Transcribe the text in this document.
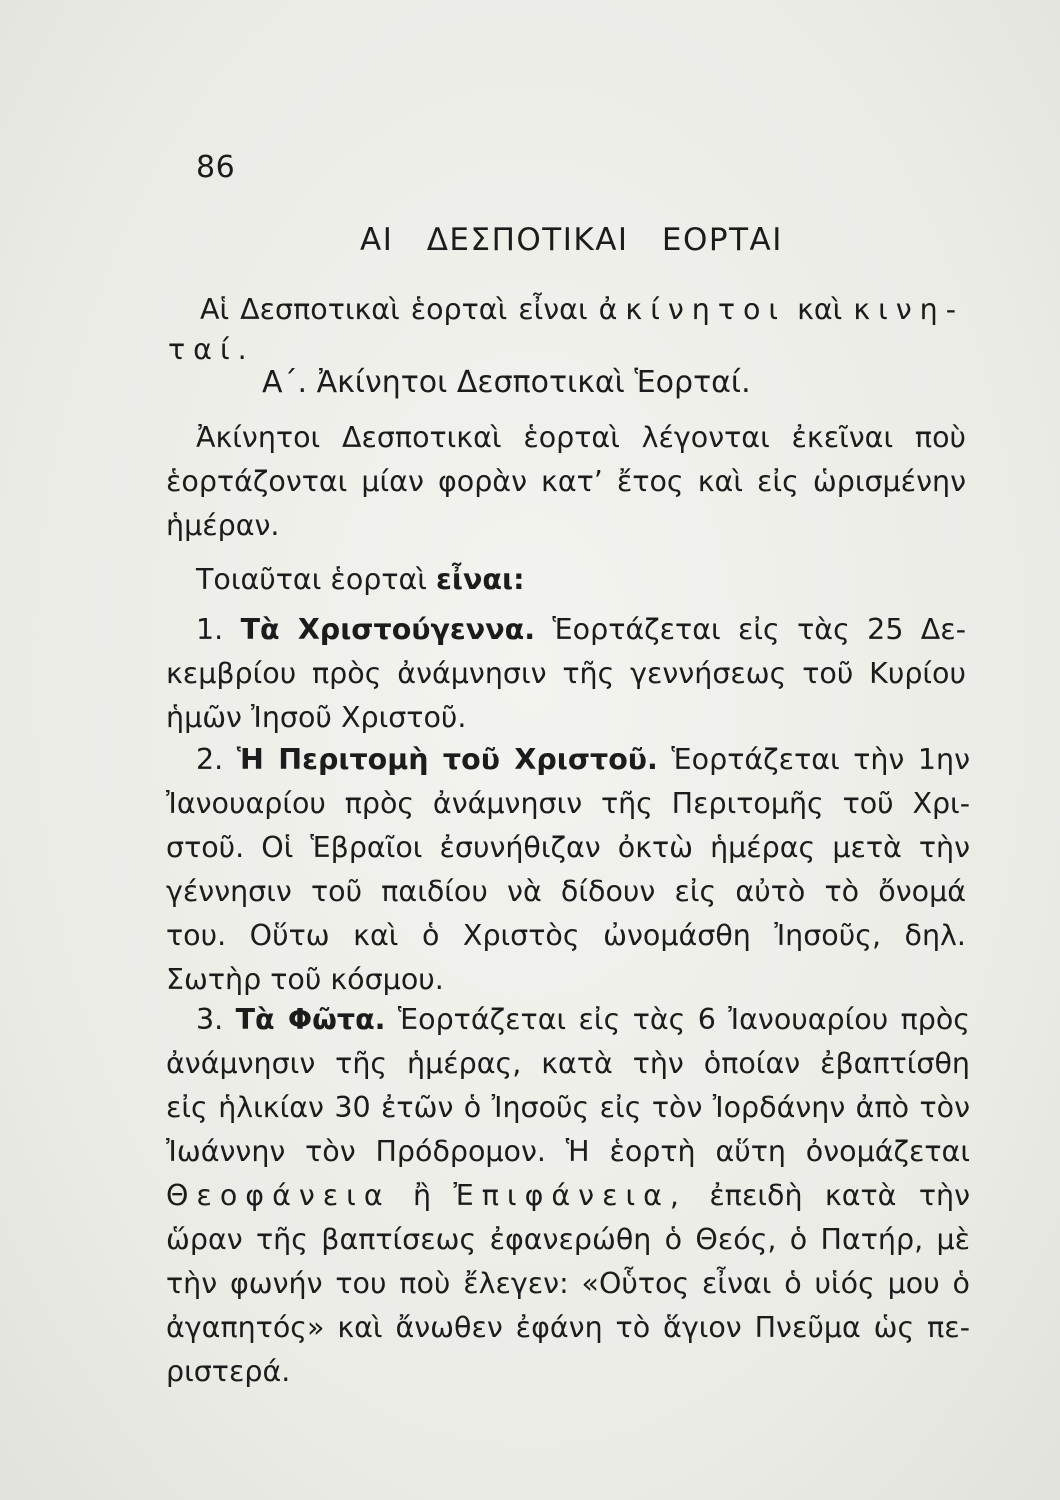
86
ΑΙ ΔΕΣΠΟΤΙΚΑΙ ΕΟΡΤΑΙ
Αἱ Δεσποτικαὶ ἑορταὶ εἶναι ἀκίνητοι καὶ κινη-
ταί.
Α΄. Ἀκίνητοι Δεσποτικαὶ Ἑορταί.
Ἀκίνητοι Δεσποτικαὶ ἑορταὶ λέγονται ἐκεῖναι ποὺ
ἑορτάζονται μίαν φορὰν κατ’ ἔτος καὶ εἰς ὡρισμένην
ἡμέραν.
Τοιαῦται ἑορταὶ εἶναι:
1. Τὰ Χριστούγεννα. Ἑορτάζεται εἰς τὰς 25 Δε-
κεμβρίου πρὸς ἀνάμνησιν τῆς γεννήσεως τοῦ Κυρίου
ἡμῶν Ἰησοῦ Χριστοῦ.
2. Ἡ Περιτομὴ τοῦ Χριστοῦ. Ἑορτάζεται τὴν 1ην
Ἰανουαρίου πρὸς ἀνάμνησιν τῆς Περιτομῆς τοῦ Χρι-
στοῦ. Οἱ Ἑβραῖοι ἐσυνήθιζαν ὀκτὼ ἡμέρας μετὰ τὴν
γέννησιν τοῦ παιδίου νὰ δίδουν εἰς αὐτὸ τὸ ὄνομά
του. Οὕτω καὶ ὁ Χριστὸς ὠνομάσθη Ἰησοῦς, δηλ.
Σωτὴρ τοῦ κόσμου.
3. Τὰ Φῶτα. Ἑορτάζεται εἰς τὰς 6 Ἰανουαρίου πρὸς
ἀνάμνησιν τῆς ἡμέρας, κατὰ τὴν ὁποίαν ἐβαπτίσθη
εἰς ἡλικίαν 30 ἐτῶν ὁ Ἰησοῦς εἰς τὸν Ἰορδάνην ἀπὸ τὸν
Ἰωάννην τὸν Πρόδρομον. Ἡ ἑορτὴ αὕτη ὀνομάζεται
Θεοφάνεια ἢ Ἐπιφάνεια, ἐπειδὴ κατὰ τὴν
ὥραν τῆς βαπτίσεως ἐφανερώθη ὁ Θεός, ὁ Πατήρ, μὲ
τὴν φωνήν του ποὺ ἔλεγεν: «Οὗτος εἶναι ὁ υἱός μου ὁ
ἀγαπητός» καὶ ἄνωθεν ἐφάνη τὸ ἅγιον Πνεῦμα ὡς πε-
ριστερά.
